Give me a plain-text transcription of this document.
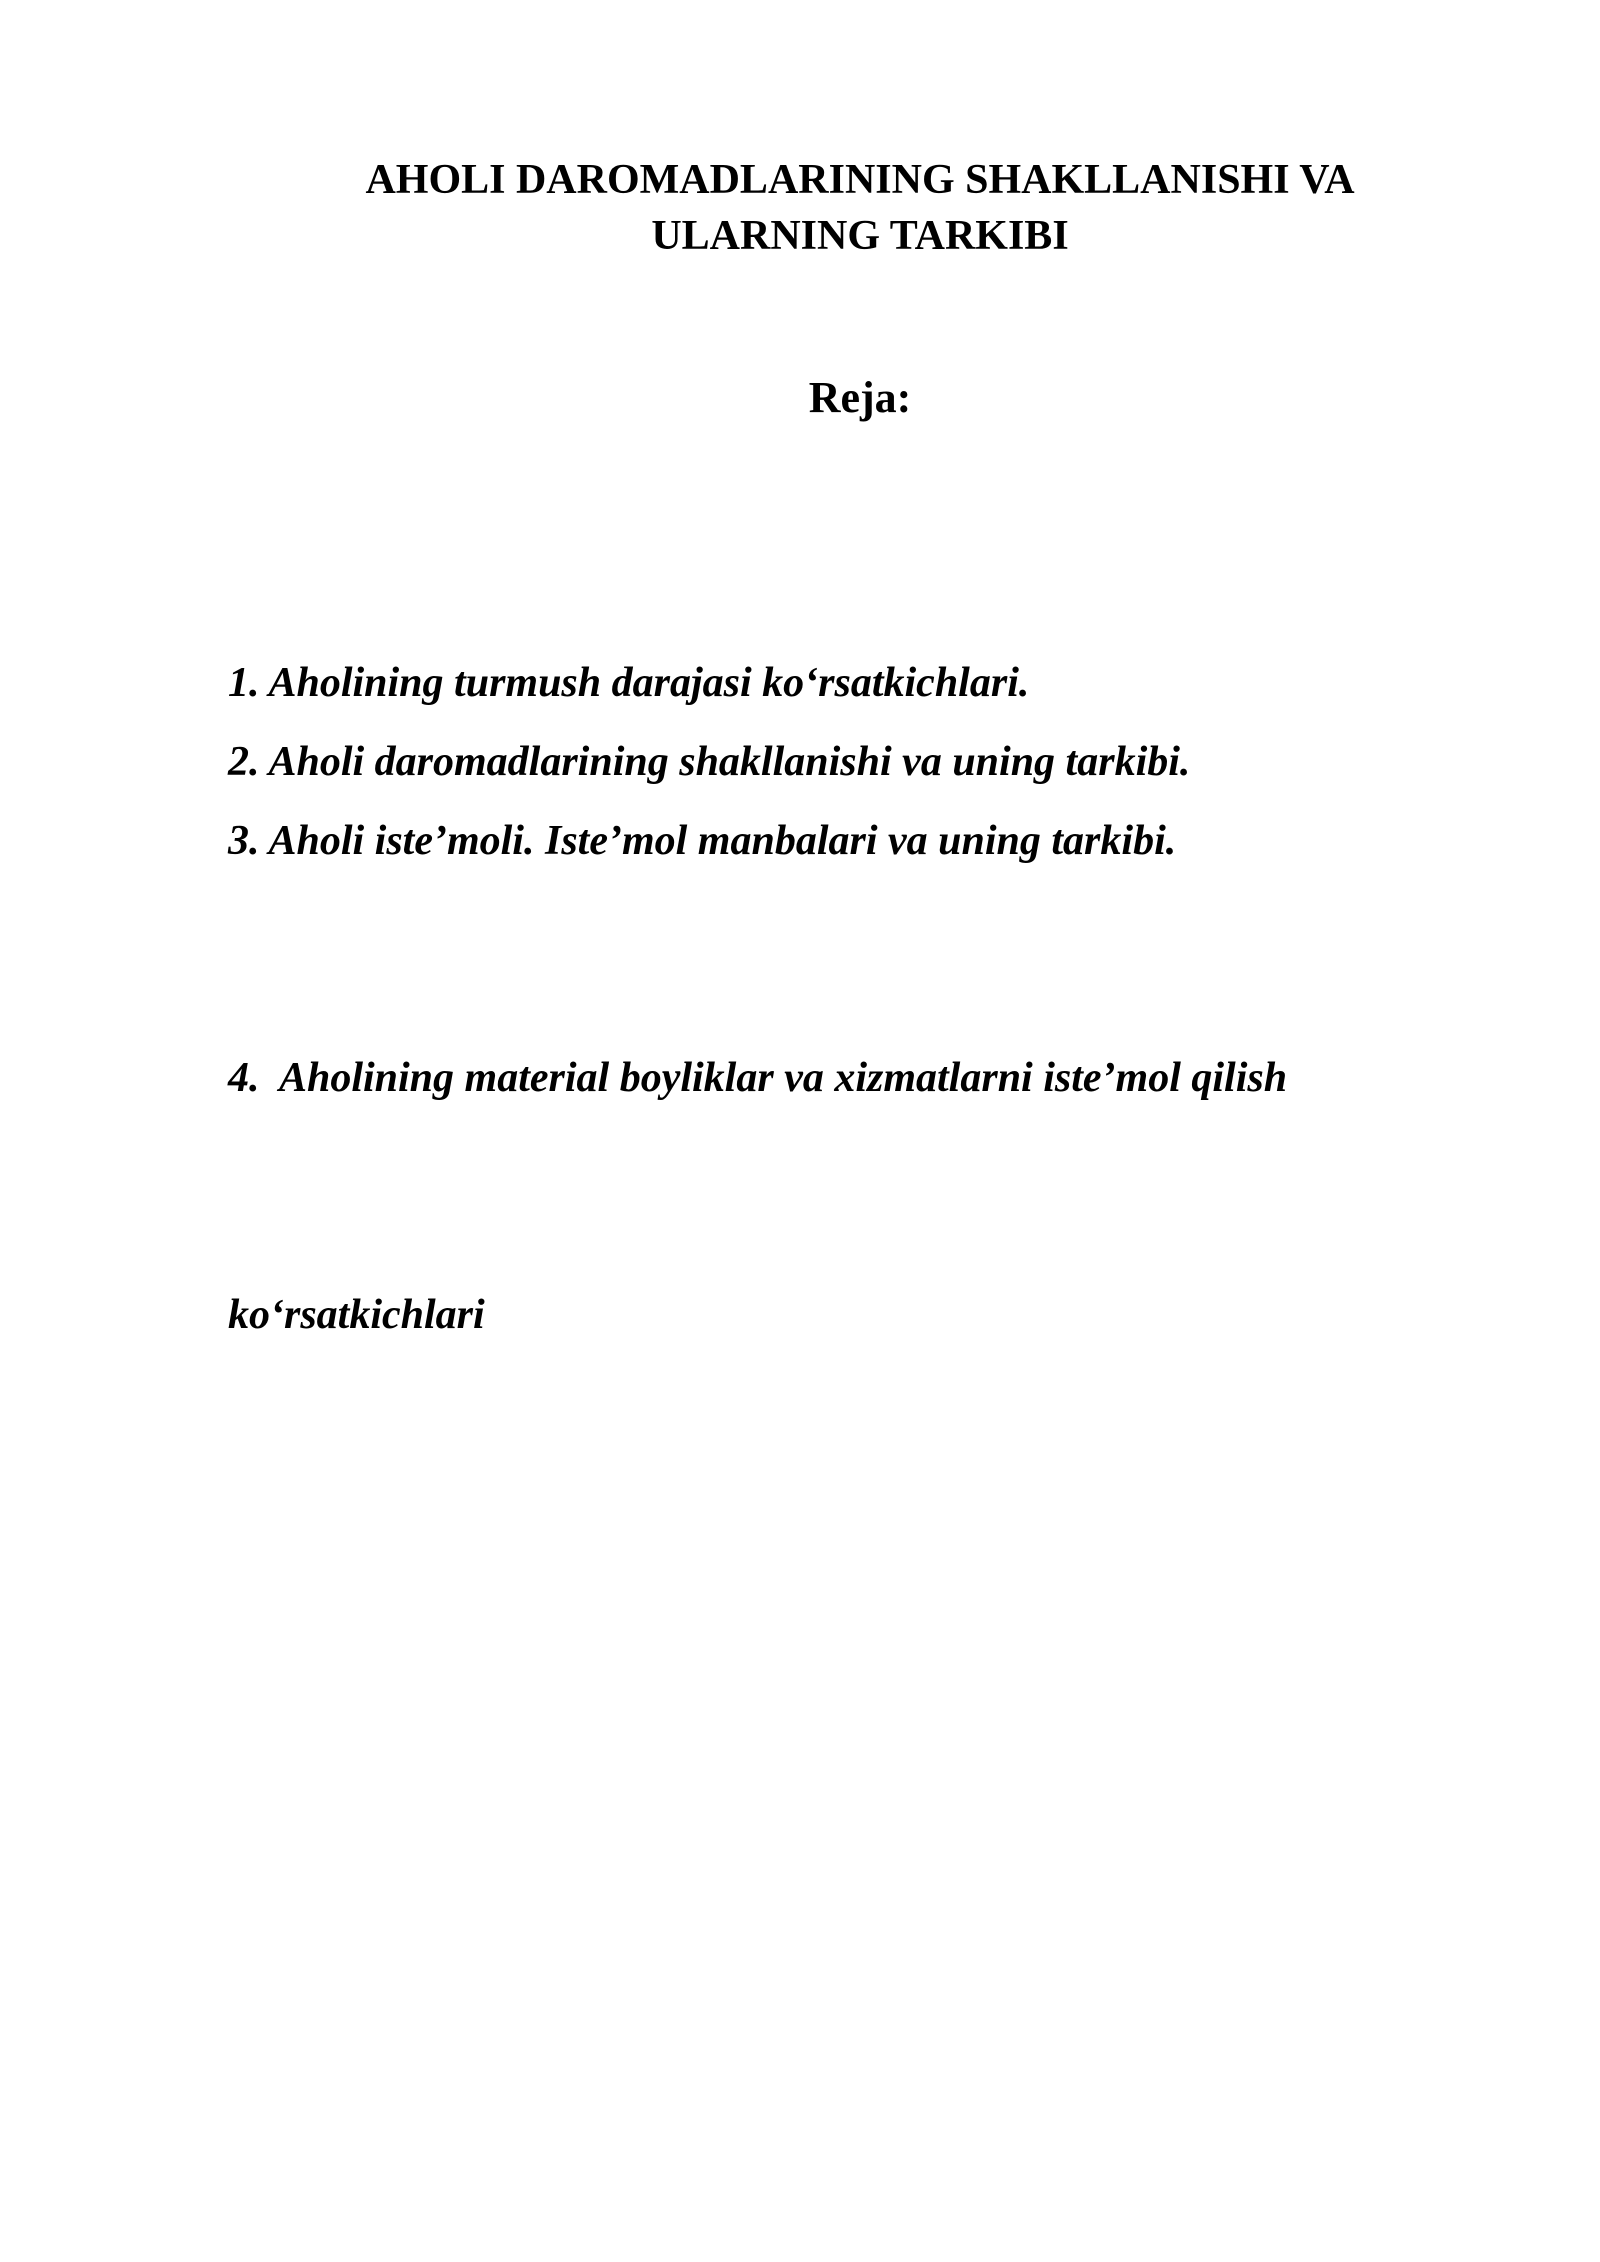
AHOLI DAROMADLARINING SHAKLLANISHI VA
ULARNING TARKIBI
Reja:
1. Aholining turmush darajasi ko‘rsatkichlari.
2. Aholi daromadlarining shakllanishi va uning tarkibi.
3. Aholi iste’moli. Iste’mol manbalari va uning tarkibi.

4.  Aholining material boyliklar va xizmatlarni iste’mol qilish

ko‘rsatkichlari
